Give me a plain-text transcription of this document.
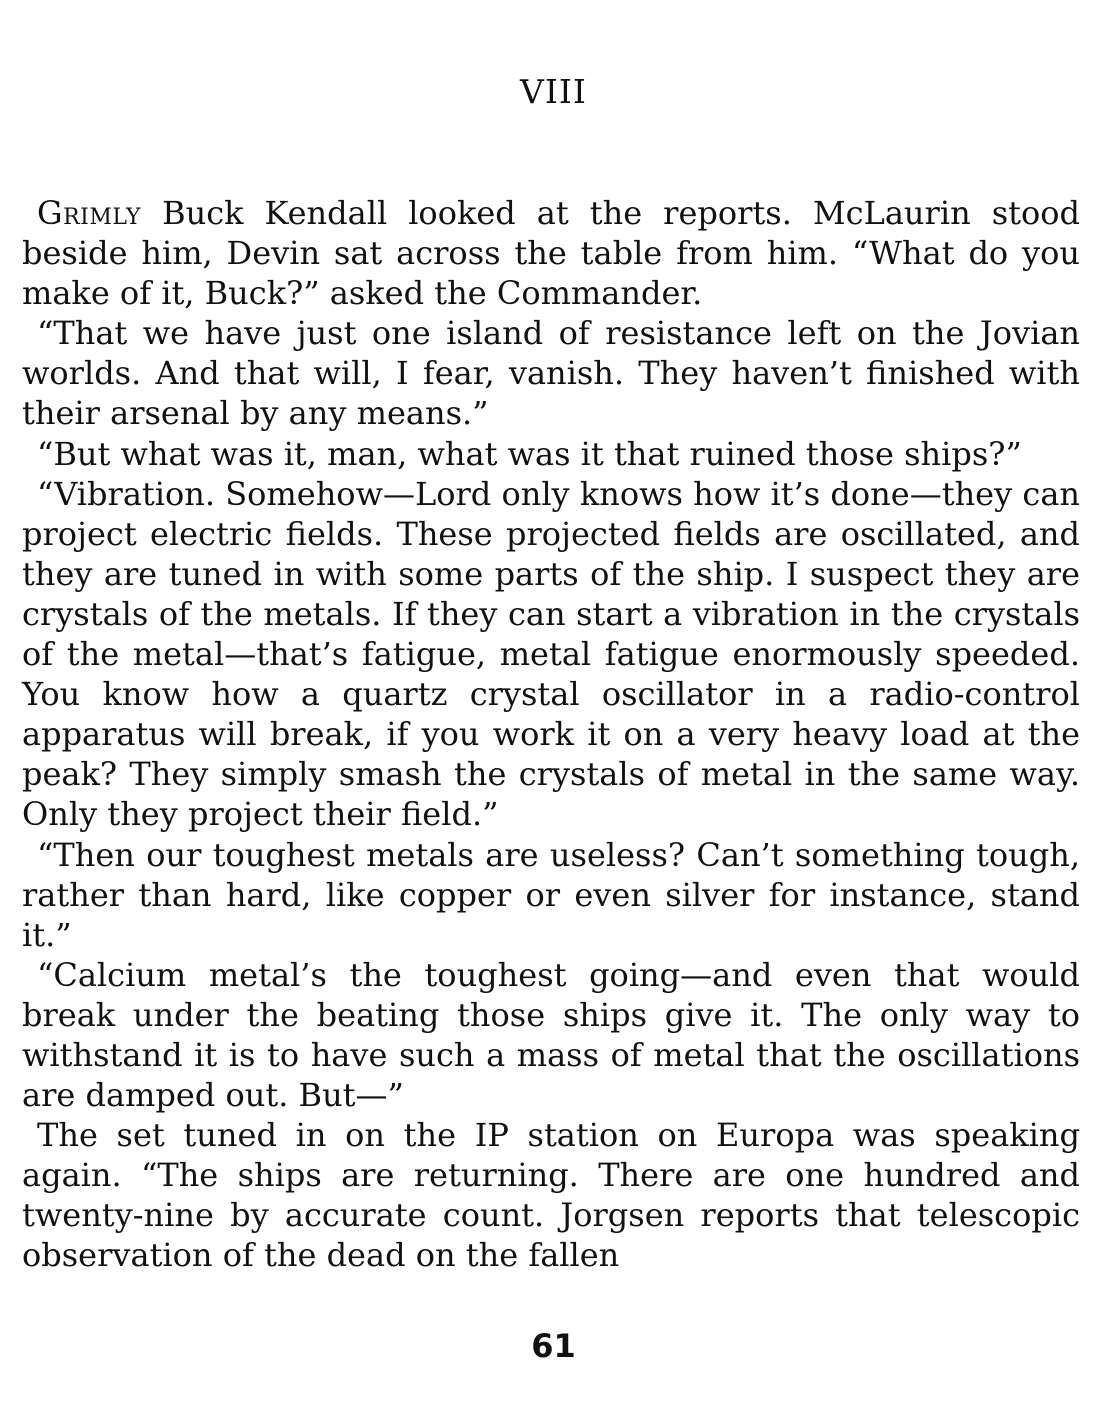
VIII

Grimly Buck Kendall looked at the reports. McLaurin stood beside him, Devin sat across the table from him. “What do you make of it, Buck?” asked the Commander.

“That we have just one island of resistance left on the Jovian worlds. And that will, I fear, vanish. They haven’t finished with their arsenal by any means.”

“But what was it, man, what was it that ruined those ships?”

“Vibration. Somehow—Lord only knows how it’s done—they can project electric fields. These projected fields are oscillated, and they are tuned in with some parts of the ship. I suspect they are crystals of the metals. If they can start a vibration in the crystals of the metal—that’s fatigue, metal fatigue enormously speeded. You know how a quartz crystal oscillator in a radio-control apparatus will break, if you work it on a very heavy load at the peak? They simply smash the crystals of metal in the same way. Only they project their field.”

“Then our toughest metals are useless? Can’t something tough, rather than hard, like copper or even silver for instance, stand it.”

“Calcium metal’s the toughest going—and even that would break under the beating those ships give it. The only way to withstand it is to have such a mass of metal that the oscillations are damped out. But—”

The set tuned in on the IP station on Europa was speaking again. “The ships are returning. There are one hundred and twenty-nine by accurate count. Jorgsen reports that telescopic observation of the dead on the fallen

61
